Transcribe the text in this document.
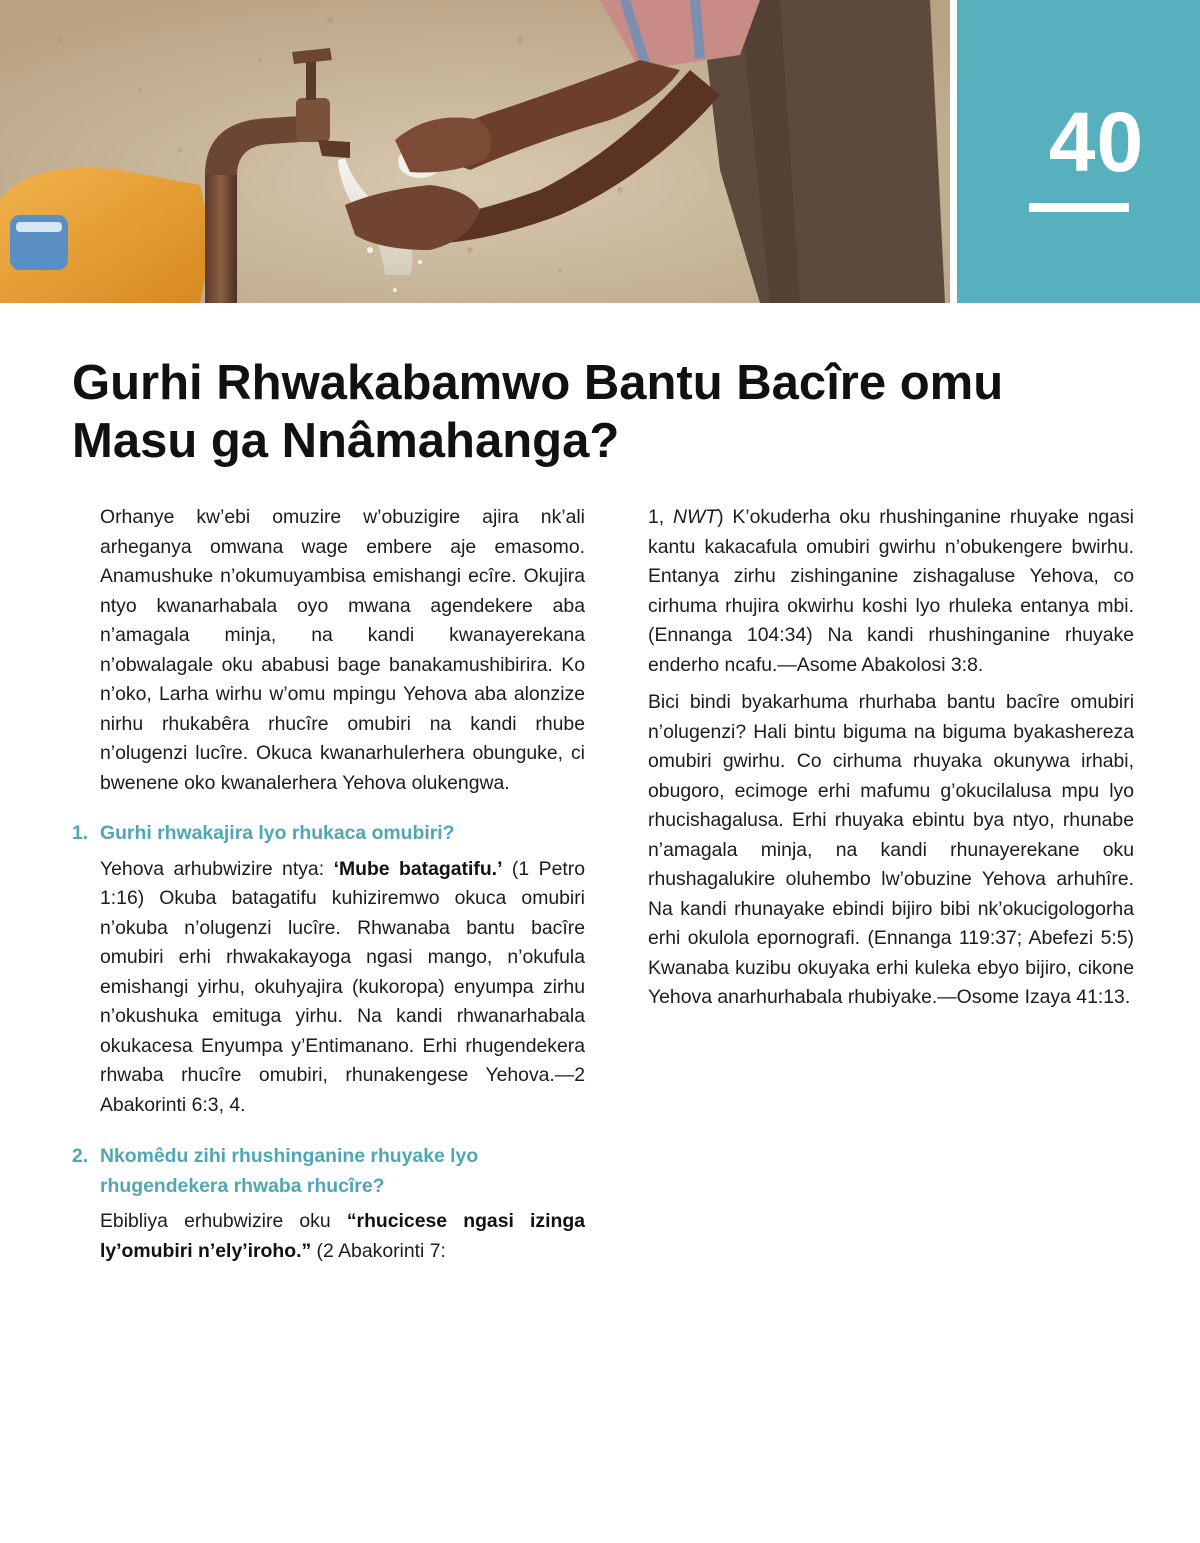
40
Gurhi Rhwakabamwo Bantu Bacîre omu Masu ga Nnâmahanga?

Orhanye kw’ebi omuzire w’obuzigire ajira nk’ali arheganya omwana wage embere aje emasomo. Anamushuke n’okumuyambisa emishangi ecîre. Okujira ntyo kwanarhabala oyo mwana agendekere aba n’amagala minja, na kandi kwanayerekana n’obwalagale oku ababusi bage banakamushibirira. Ko n’oko, Larha wirhu w’omu mpingu Yehova aba alonzize nirhu rhukabêra rhucîre omubiri na kandi rhube n’olugenzi lucîre. Okuca kwanarhulerhera obunguke, ci bwenene oko kwanalerhera Yehova olukengwa.

1. Gurhi rhwakajira lyo rhukaca omubiri?

Yehova arhubwizire ntya: ‘Mube batagatifu.’ (1 Petro 1:16) Okuba batagatifu kuhiziremwo okuca omubiri n’okuba n’olugenzi lucîre. Rhwanaba bantu bacîre omubiri erhi rhwakakayoga ngasi mango, n’okufula emishangi yirhu, okuhyajira (kukoropa) enyumpa zirhu n’okushuka emituga yirhu. Na kandi rhwanarhabala okukacesa Enyumpa y’Entimanano. Erhi rhugendekera rhwaba rhucîre omubiri, rhunakengese Yehova.—2 Abakorinti 6:3, 4.

2. Nkomêdu zihi rhushinganine rhuyake lyo rhugendekera rhwaba rhucîre?

Ebibliya erhubwizire oku “rhucicese ngasi izinga ly’omubiri n’ely’iroho.” (2 Abakorinti 7:

1, NWT) K’okuderha oku rhushinganine rhuyake ngasi kantu kakacafula omubiri gwirhu n’obukengere bwirhu. Entanya zirhu zishinganine zishagaluse Yehova, co cirhuma rhujira okwirhu koshi lyo rhuleka entanya mbi. (Ennanga 104:34) Na kandi rhushinganine rhuyake enderho ncafu.—Asome Abakolosi 3:8.

Bici bindi byakarhuma rhurhaba bantu bacîre omubiri n’olugenzi? Hali bintu biguma na biguma byakashereza omubiri gwirhu. Co cirhuma rhuyaka okunywa irhabi, obugoro, ecimoge erhi mafumu g’okucilalusa mpu lyo rhucishagalusa. Erhi rhuyaka ebintu bya ntyo, rhunabe n’amagala minja, na kandi rhunayerekane oku rhushagalukire oluhembo lw’obuzine Yehova arhuhîre. Na kandi rhunayake ebindi bijiro bibi nk’okucigologorha erhi okulola epornografi. (Ennanga 119:37; Abefezi 5:5) Kwanaba kuzibu okuyaka erhi kuleka ebyo bijiro, cikone Yehova anarhurhabala rhubiyake.—Osome Izaya 41:13.
